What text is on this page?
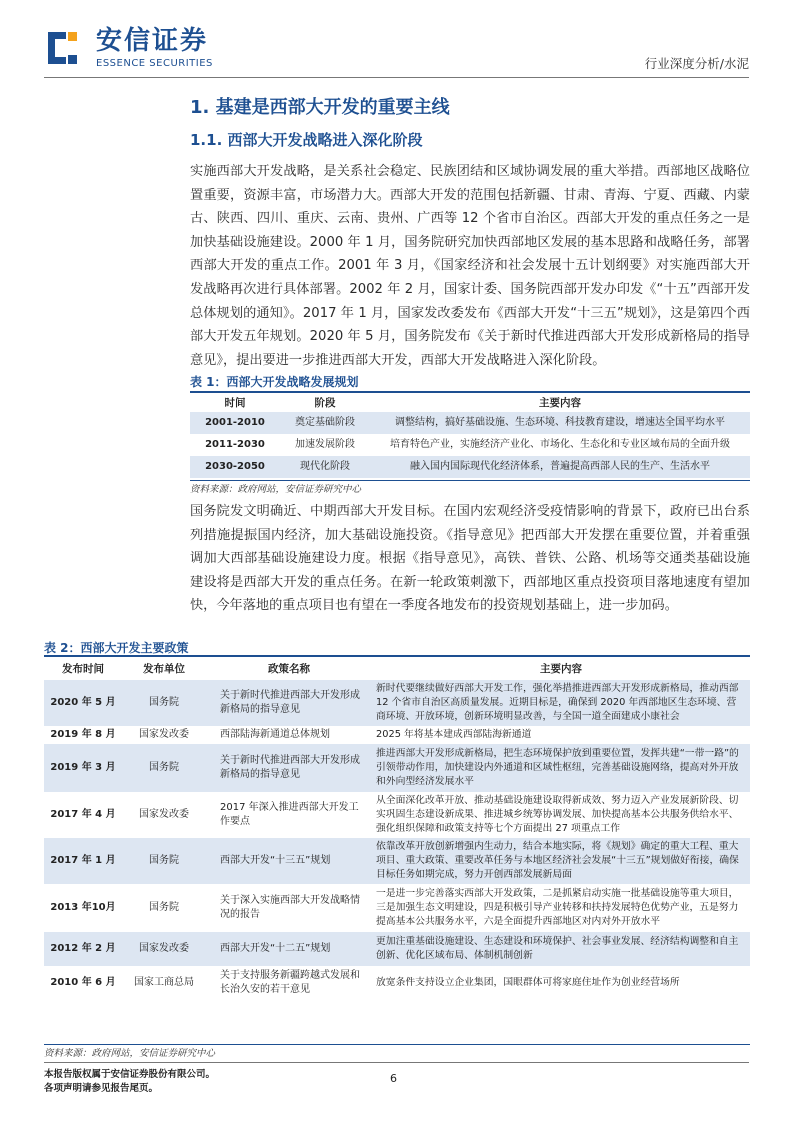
安信证券
ESSENCE SECURITIES	行业深度分析/水泥
1. 基建是西部大开发的重要主线
1.1. 西部大开发战略进入深化阶段

实施西部大开发战略，是关系社会稳定、民族团结和区域协调发展的重大举措。西部地区战略位置重要，资源丰富，市场潜力大。西部大开发的范围包括新疆、甘肃、青海、宁夏、西藏、内蒙古、陕西、四川、重庆、云南、贵州、广西等 12 个省市自治区。西部大开发的重点任务之一是加快基础设施建设。2000 年 1 月，国务院研究加快西部地区发展的基本思路和战略任务，部署西部大开发的重点工作。2001 年 3 月，《国家经济和社会发展十五计划纲要》对实施西部大开发战略再次进行具体部署。2002 年 2 月，国家计委、国务院西部开发办印发《“十五”西部开发总体规划的通知》。2017 年 1 月，国家发改委发布《西部大开发“十三五”规划》，这是第四个西部大开发五年规划。2020 年 5 月，国务院发布《关于新时代推进西部大开发形成新格局的指导意见》，提出要进一步推进西部大开发，西部大开发战略进入深化阶段。

表 1：西部大开发战略发展规划
时间	阶段	主要内容
2001-2010	奠定基础阶段	调整结构，搞好基础设施、生态环境、科技教育建设，增速达全国平均水平
2011-2030	加速发展阶段	培育特色产业，实施经济产业化、市场化、生态化和专业区域布局的全面升级
2030-2050	现代化阶段	融入国内国际现代化经济体系，普遍提高西部人民的生产、生活水平
资料来源：政府网站，安信证券研究中心

国务院发文明确近、中期西部大开发目标。在国内宏观经济受疫情影响的背景下，政府已出台系列措施提振国内经济，加大基础设施投资。《指导意见》把西部大开发摆在重要位置，并着重强调加大西部基础设施建设力度。根据《指导意见》，高铁、普铁、公路、机场等交通类基础设施建设将是西部大开发的重点任务。在新一轮政策刺激下，西部地区重点投资项目落地速度有望加快，今年落地的重点项目也有望在一季度各地发布的投资规划基础上，进一步加码。

表 2：西部大开发主要政策
发布时间	发布单位	政策名称	主要内容
2020 年 5 月	国务院	关于新时代推进西部大开发形成新格局的指导意见	新时代要继续做好西部大开发工作，强化举措推进西部大开发形成新格局，推动西部 12 个省市自治区高质量发展。近期目标是，确保到 2020 年西部地区生态环境、营商环境、开放环境，创新环境明显改善，与全国一道全面建成小康社会
2019 年 8 月	国家发改委	西部陆海新通道总体规划	2025 年将基本建成西部陆海新通道
2019 年 3 月	国务院	关于新时代推进西部大开发形成新格局的指导意见	推进西部大开发形成新格局，把生态环境保护放到重要位置，发挥共建“一带一路”的引领带动作用，加快建设内外通道和区域性枢纽，完善基础设施网络，提高对外开放和外向型经济发展水平
2017 年 4 月	国家发改委	2017 年深入推进西部大开发工作要点	从全面深化改革开放、推动基础设施建设取得新成效、努力迈入产业发展新阶段、切实巩固生态建设新成果、推进城乡统筹协调发展、加快提高基本公共服务供给水平、强化组织保障和政策支持等七个方面提出 27 项重点工作
2017 年 1 月	国务院	西部大开发“十三五”规划	依靠改革开放创新增强内生动力，结合本地实际，将《规划》确定的重大工程、重大项目、重大政策、重要改革任务与本地区经济社会发展“十三五”规划做好衔接，确保目标任务如期完成，努力开创西部发展新局面
2013 年10月	国务院	关于深入实施西部大开发战略情况的报告	一是进一步完善落实西部大开发政策，二是抓紧启动实施一批基础设施等重大项目，三是加强生态文明建设，四是积极引导产业转移和扶持发展特色优势产业，五是努力提高基本公共服务水平，六是全面提升西部地区对内对外开放水平
2012 年 2 月	国家发改委	西部大开发“十二五”规划	更加注重基础设施建设、生态建设和环境保护、社会事业发展、经济结构调整和自主创新、优化区域布局、体制机制创新
2010 年 6 月	国家工商总局	关于支持服务新疆跨越式发展和长治久安的若干意见	放宽条件支持设立企业集团，国眼群体可将家庭住址作为创业经营场所
资料来源：政府网站，安信证券研究中心
本报告版权属于安信证券股份有限公司。
各项声明请参见报告尾页。
6
